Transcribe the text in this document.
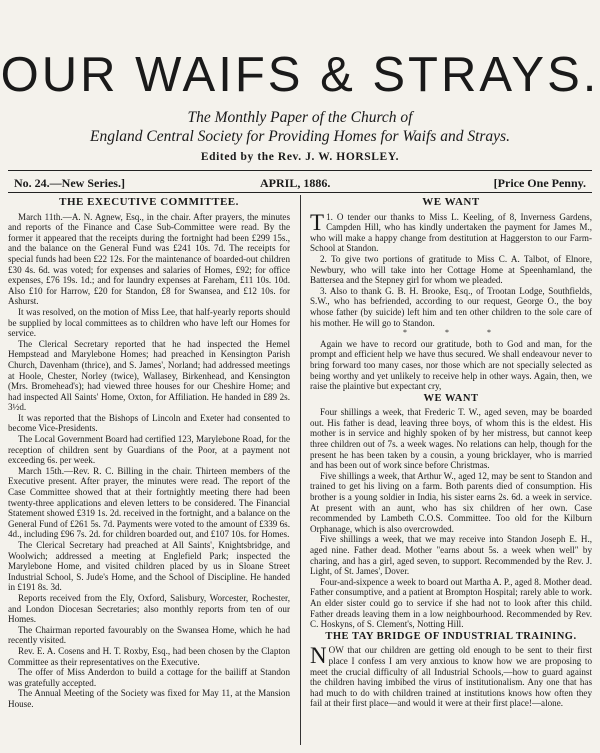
OUR WAIFS & STRAYS.
The Monthly Paper of the Church of
England Central Society for Providing Homes for Waifs and Strays.
Edited by the Rev. J. W. HORSLEY.
No. 24.—New Series.]	APRIL, 1886.	[Price One Penny.
THE EXECUTIVE COMMITTEE.

March 11th.—A. N. Agnew, Esq., in the chair. After prayers, the minutes and reports of the Finance and Case Sub-Committee were read. By the former it appeared that the receipts during the fortnight had been £299 15s., and the balance on the General Fund was £241 10s. 7d. The receipts for special funds had been £22 12s. For the maintenance of boarded-out children £30 4s. 6d. was voted; for expenses and salaries of Homes, £92; for office expenses, £76 19s. 1d.; and for laundry expenses at Fareham, £11 10s. 10d. Also £10 for Harrow, £20 for Standon, £8 for Swansea, and £12 10s. for Ashurst.

It was resolved, on the motion of Miss Lee, that half-yearly reports should be supplied by local committees as to children who have left our Homes for service.

The Clerical Secretary reported that he had inspected the Hemel Hempstead and Marylebone Homes; had preached in Kensington Parish Church, Davenham (thrice), and S. James', Norland; had addressed meetings at Hoole, Chester, Norley (twice), Wallasey, Birkenhead, and Kensington (Mrs. Bromehead's); had viewed three houses for our Cheshire Home; and had inspected All Saints' Home, Oxton, for Affiliation. He handed in £89 2s. 3½d.

It was reported that the Bishops of Lincoln and Exeter had consented to become Vice-Presidents.

The Local Government Board had certified 123, Marylebone Road, for the reception of children sent by Guardians of the Poor, at a payment not exceeding 6s. per week.

March 15th.—Rev. R. C. Billing in the chair. Thirteen members of the Executive present. After prayer, the minutes were read. The report of the Case Committee showed that at their fortnightly meeting there had been twenty-three applications and eleven letters to be considered. The Financial Statement showed £319 1s. 2d. received in the fortnight, and a balance on the General Fund of £261 5s. 7d. Payments were voted to the amount of £339 6s. 4d., including £96 7s. 2d. for children boarded out, and £107 10s. for Homes.

The Clerical Secretary had preached at All Saints', Knightsbridge, and Woolwich; addressed a meeting at Englefield Park; inspected the Marylebone Home, and visited children placed by us in Sloane Street Industrial School, S. Jude's Home, and the School of Discipline. He handed in £191 8s. 3d.

Reports received from the Ely, Oxford, Salisbury, Worcester, Rochester, and London Diocesan Secretaries; also monthly reports from ten of our Homes.

The Chairman reported favourably on the Swansea Home, which he had recently visited.

Rev. E. A. Cosens and H. T. Roxby, Esq., had been chosen by the Clapton Committee as their representatives on the Executive.

The offer of Miss Anderdon to build a cottage for the bailiff at Standon was gratefully accepted.

The Annual Meeting of the Society was fixed for May 11, at the Mansion House.

WE WANT
T 1. O tender our thanks to Miss L. Keeling, of 8, Inverness Gardens, Campden Hill, who has kindly undertaken the payment for James M., who will make a happy change from destitution at Haggerston to our Farm-School at Standon.

2. To give two portions of gratitude to Miss C. A. Talbot, of Elnore, Newbury, who will take into her Cottage Home at Speenhamland, the Battersea and the Stepney girl for whom we pleaded.

3. Also to thank G. B. H. Brooke, Esq., of Trootan Lodge, Southfields, S.W., who has befriended, according to our request, George O., the boy whose father (by suicide) left him and ten other children to the sole care of his mother. He will go to Standon.

* * *

Again we have to record our gratitude, both to God and man, for the prompt and efficient help we have thus secured. We shall endeavour never to bring forward too many cases, nor those which are not specially selected as being worthy and yet unlikely to receive help in other ways. Again, then, we raise the plaintive but expectant cry,

WE WANT

Four shillings a week, that Frederic T. W., aged seven, may be boarded out. His father is dead, leaving three boys, of whom this is the eldest. His mother is in service and highly spoken of by her mistress, but cannot keep three children out of 7s. a week wages. No relations can help, though for the present he has been taken by a cousin, a young bricklayer, who is married and has been out of work since before Christmas.

Five shillings a week, that Arthur W., aged 12, may be sent to Standon and trained to get his living on a farm. Both parents died of consumption. His brother is a young soldier in India, his sister earns 2s. 6d. a week in service. At present with an aunt, who has six children of her own. Case recommended by Lambeth C.O.S. Committee. Too old for the Kilburn Orphanage, which is also overcrowded.

Five shillings a week, that we may receive into Standon Joseph E. H., aged nine. Father dead. Mother "earns about 5s. a week when well" by charing, and has a girl, aged seven, to support. Recommended by the Rev. J. Light, of St. James', Dover.

Four-and-sixpence a week to board out Martha A. P., aged 8. Mother dead. Father consumptive, and a patient at Brompton Hospital; rarely able to work. An elder sister could go to service if she had not to look after this child. Father dreads leaving them in a low neighbourhood. Recommended by Rev. C. Hoskyns, of S. Clement's, Notting Hill.

THE TAY BRIDGE OF INDUSTRIAL TRAINING.
N OW that our children are getting old enough to be sent to their first place I confess I am very anxious to know how we are proposing to meet the crucial difficulty of all Industrial Schools,—how to guard against the children having imbibed the virus of institutionalism. Any one that has had much to do with children trained at institutions knows how often they fail at their first place—and would it were at their first place!—alone.
